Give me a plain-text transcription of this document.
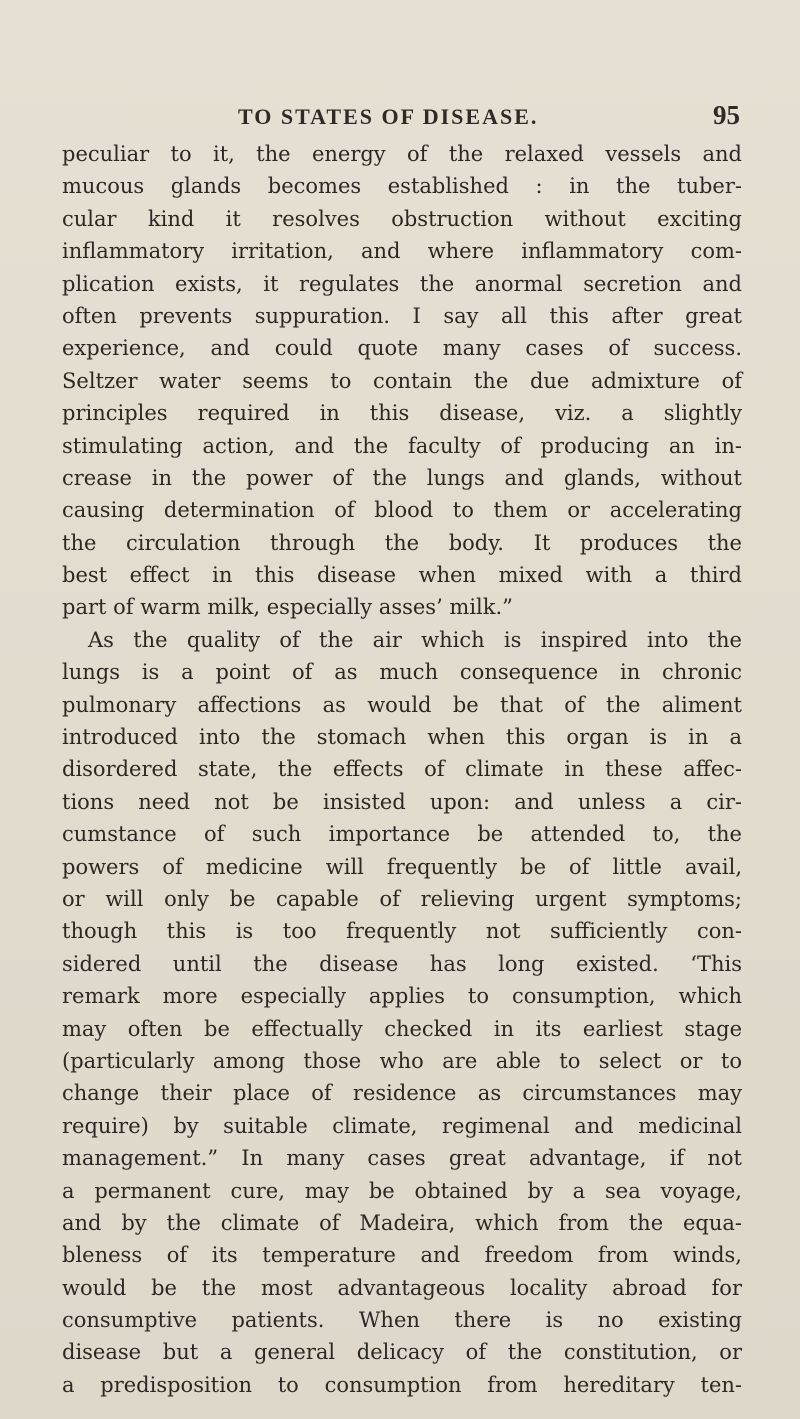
TO STATES OF DISEASE.	95
peculiar to it, the energy of the relaxed vessels and
mucous glands becomes established : in the tuber-
cular kind it resolves obstruction without exciting
inflammatory irritation, and where inflammatory com-
plication exists, it regulates the anormal secretion and
often prevents suppuration. I say all this after great
experience, and could quote many cases of success.
Seltzer water seems to contain the due admixture of
principles required in this disease, viz. a slightly
stimulating action, and the faculty of producing an in-
crease in the power of the lungs and glands, without
causing determination of blood to them or accelerating
the circulation through the body. It produces the
best effect in this disease when mixed with a third
part of warm milk, especially asses’ milk.”
As the quality of the air which is inspired into the
lungs is a point of as much consequence in chronic
pulmonary affections as would be that of the aliment
introduced into the stomach when this organ is in a
disordered state, the effects of climate in these affec-
tions need not be insisted upon: and unless a cir-
cumstance of such importance be attended to, the
powers of medicine will frequently be of little avail,
or will only be capable of relieving urgent symptoms;
though this is too frequently not sufficiently con-
sidered until the disease has long existed. ‘This
remark more especially applies to consumption, which
may often be effectually checked in its earliest stage
(particularly among those who are able to select or to
change their place of residence as circumstances may
require) by suitable climate, regimenal and medicinal
management.” In many cases great advantage, if not
a permanent cure, may be obtained by a sea voyage,
and by the climate of Madeira, which from the equa-
bleness of its temperature and freedom from winds,
would be the most advantageous locality abroad for
consumptive patients. When there is no existing
disease but a general delicacy of the constitution, or
a predisposition to consumption from hereditary ten-
